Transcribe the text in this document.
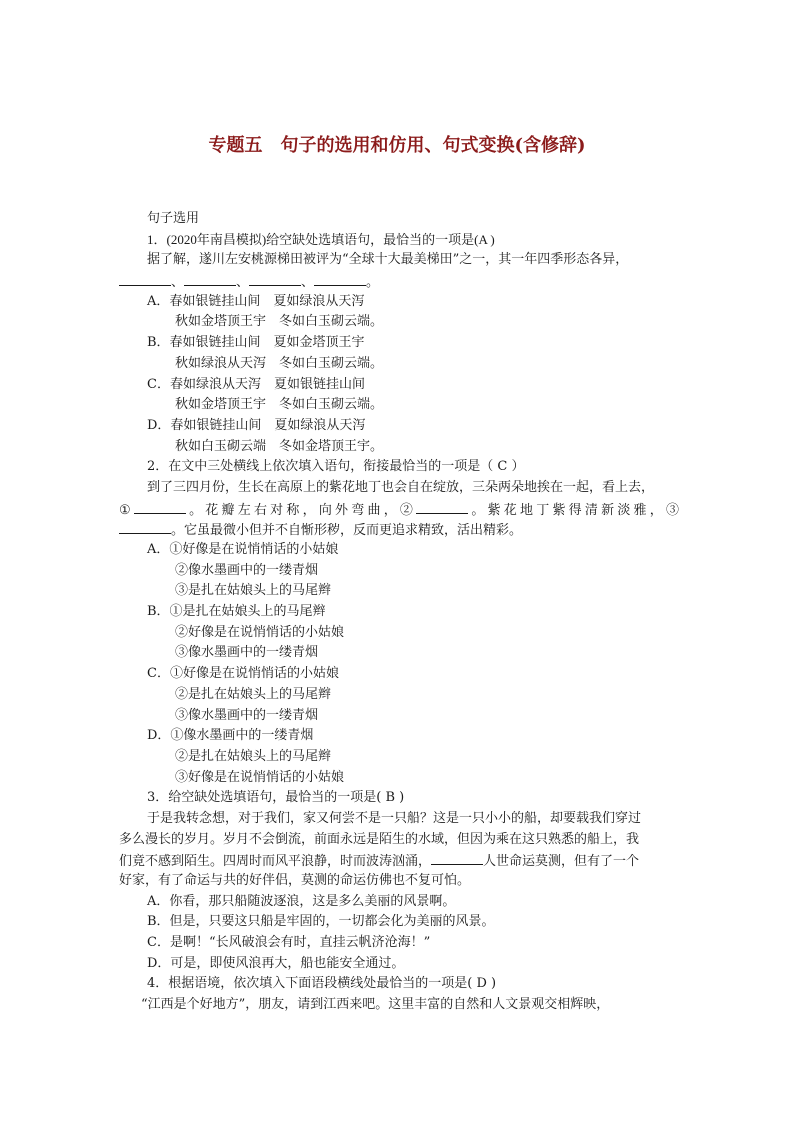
专题五　句子的选用和仿用、句式变换(含修辞)
句子选用
1．(2020年南昌模拟)给空缺处选填语句，最恰当的一项是(A )
据了解，遂川左安桃源梯田被评为“全球十大最美梯田”之一，其一年四季形态各异，
、	、	、	。
A．春如银链挂山间　夏如绿浪从天泻
秋如金塔顶王宇　冬如白玉砌云端。
B．春如银链挂山间　夏如金塔顶王宇
秋如绿浪从天泻　冬如白玉砌云端。
C．春如绿浪从天泻　夏如银链挂山间
秋如金塔顶王宇　冬如白玉砌云端。
D．春如银链挂山间　夏如绿浪从天泻
秋如白玉砌云端　冬如金塔顶王宇。
2．在文中三处横线上依次填入语句，衔接最恰当的一项是（ C ）
到了三四月份，生长在高原上的紫花地丁也会自在绽放，三朵两朵地挨在一起，看上去，
①	。花瓣左右对称，向外弯曲，②	。紫花地丁紫得清新淡雅，③
。它虽最微小但并不自惭形秽，反而更追求精致，活出精彩。
A．①好像是在说悄悄话的小姑娘
②像水墨画中的一缕青烟
③是扎在姑娘头上的马尾辫
B．①是扎在姑娘头上的马尾辫
②好像是在说悄悄话的小姑娘
③像水墨画中的一缕青烟
C．①好像是在说悄悄话的小姑娘
②是扎在姑娘头上的马尾辫
③像水墨画中的一缕青烟
D．①像水墨画中的一缕青烟
②是扎在姑娘头上的马尾辫
③好像是在说悄悄话的小姑娘
3．给空缺处选填语句，最恰当的一项是( B )
于是我转念想，对于我们，家又何尝不是一只船？这是一只小小的船，却要载我们穿过
多么漫长的岁月。岁月不会倒流，前面永远是陌生的水域，但因为乘在这只熟悉的船上，我
们竟不感到陌生。四周时而风平浪静，时而波涛汹涌，	人世命运莫测，但有了一个
好家，有了命运与共的好伴侣，莫测的命运仿佛也不复可怕。
A．你看，那只船随波逐浪，这是多么美丽的风景啊。
B．但是，只要这只船是牢固的，一切都会化为美丽的风景。
C．是啊！“长风破浪会有时，直挂云帆济沧海！”
D．可是，即使风浪再大，船也能安全通过。
4．根据语境，依次填入下面语段横线处最恰当的一项是( D )
“江西是个好地方”，朋友，请到江西来吧。这里丰富的自然和人文景观交相辉映，
